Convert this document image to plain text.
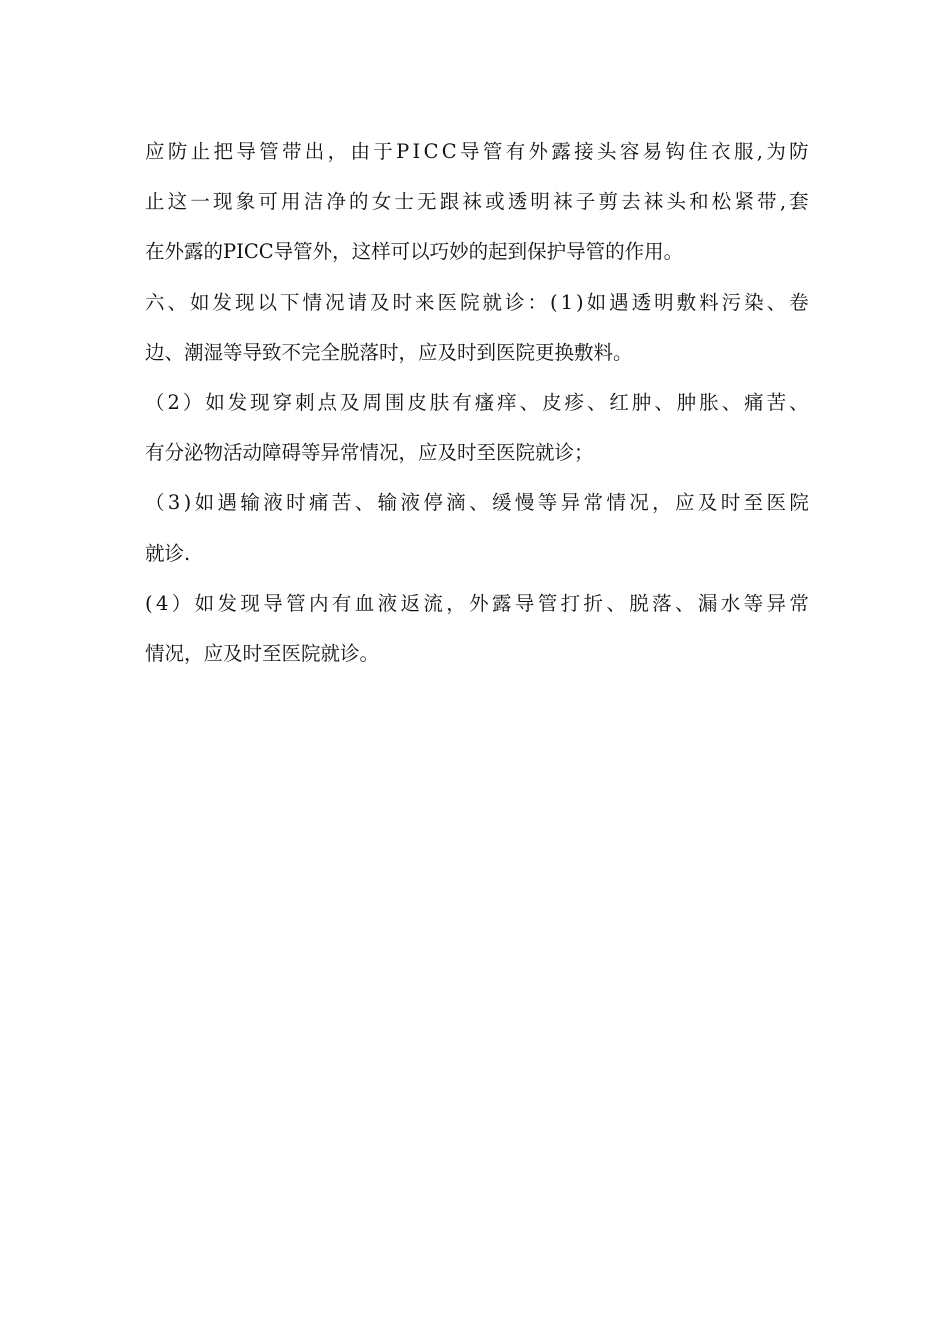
应 防 止 把 导 管 带 出 ， 由 于 P I C C 导 管 有 外 露 接 头 容 易 钩 住 衣 服 , 为 防
止 这 一 现 象 可 用 洁 净 的 女 士 无 跟 袜 或 透 明 袜 子 剪 去 袜 头 和 松 紧 带 , 套
在外露的PICC导管外，这样可以巧妙的起到保护导管的作用。
六 、 如 发 现 以 下 情 况 请 及 时 来 医 院 就 诊 ： ( 1 ) 如 遇 透 明 敷 料 污 染 、 卷
边、潮湿等导致不完全脱落时，应及时到医院更换敷料。
（ 2 ） 如 发 现 穿 刺 点 及 周 围 皮 肤 有 瘙 痒 、 皮 疹 、 红 肿 、 肿 胀 、 痛 苦 、
有分泌物活动障碍等异常情况，应及时至医院就诊；
（ 3 ) 如 遇 输 液 时 痛 苦 、 输 液 停 滴 、 缓 慢 等 异 常 情 况 ， 应 及 时 至 医 院
就诊.
( 4 ） 如 发 现 导 管 内 有 血 液 返 流 ， 外 露 导 管 打 折 、 脱 落 、 漏 水 等 异 常
情况，应及时至医院就诊。
